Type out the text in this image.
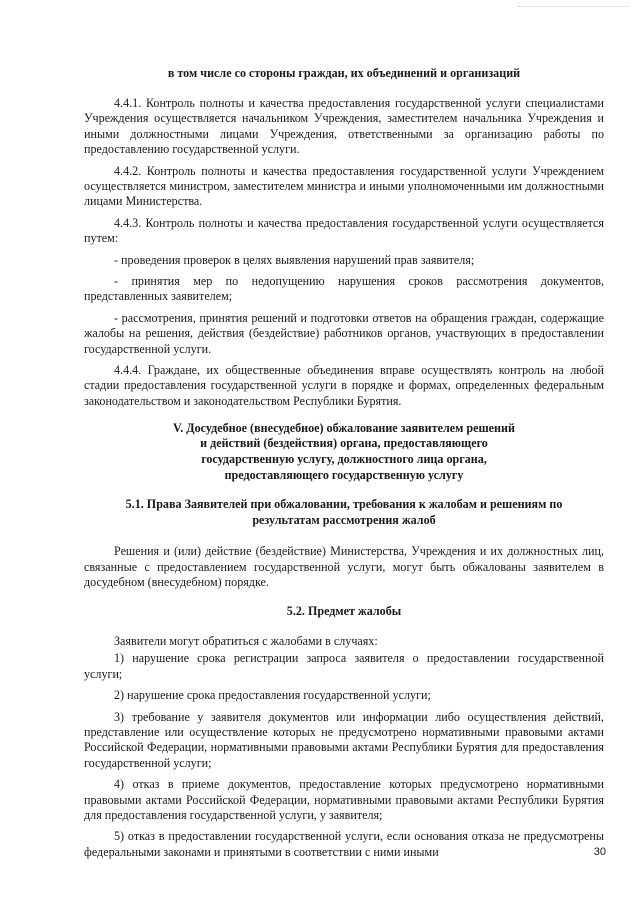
в том числе со стороны граждан, их объединений и организаций

4.4.1. Контроль полноты и качества предоставления государственной услуги специалистами Учреждения осуществляется начальником Учреждения, заместителем начальника Учреждения и иными должностными лицами Учреждения, ответственными за организацию работы по предоставлению государственной услуги.

4.4.2. Контроль полноты и качества предоставления государственной услуги Учреждением осуществляется министром, заместителем министра и иными уполномоченными им должностными лицами Министерства.

4.4.3. Контроль полноты и качества предоставления государственной услуги осуществляется путем:

- проведения проверок в целях выявления нарушений прав заявителя;

- принятия мер по недопущению нарушения сроков рассмотрения документов, представленных заявителем;

- рассмотрения, принятия решений и подготовки ответов на обращения граждан, содержащие жалобы на решения, действия (бездействие) работников органов, участвующих в предоставлении государственной услуги.

4.4.4. Граждане, их общественные объединения вправе осуществлять контроль на любой стадии предоставления государственной услуги в порядке и формах, определенных федеральным законодательством и законодательством Республики Бурятия.

V. Досудебное (внесудебное) обжалование заявителем решений
и действий (бездействия) органа, предоставляющего
государственную услугу, должностного лица органа,
предоставляющего государственную услугу
5.1. Права Заявителей при обжаловании, требования к жалобам и решениям по
результатам рассмотрения жалоб

Решения и (или) действие (бездействие) Министерства, Учреждения и их должностных лиц, связанные с предоставлением государственной услуги, могут быть обжалованы заявителем в досудебном (внесудебном) порядке.

5.2. Предмет жалобы

Заявители могут обратиться с жалобами в случаях:

1) нарушение срока регистрации запроса заявителя о предоставлении государственной услуги;

2) нарушение срока предоставления государственной услуги;

3) требование у заявителя документов или информации либо осуществления действий, представление или осуществление которых не предусмотрено нормативными правовыми актами Российской Федерации, нормативными правовыми актами Республики Бурятия для предоставления государственной услуги;

4) отказ в приеме документов, предоставление которых предусмотрено нормативными правовыми актами Российской Федерации, нормативными правовыми актами Республики Бурятия для предоставления государственной услуги, у заявителя;

5) отказ в предоставлении государственной услуги, если основания отказа не предусмотрены федеральными законами и принятыми в соответствии с ними иными	30
